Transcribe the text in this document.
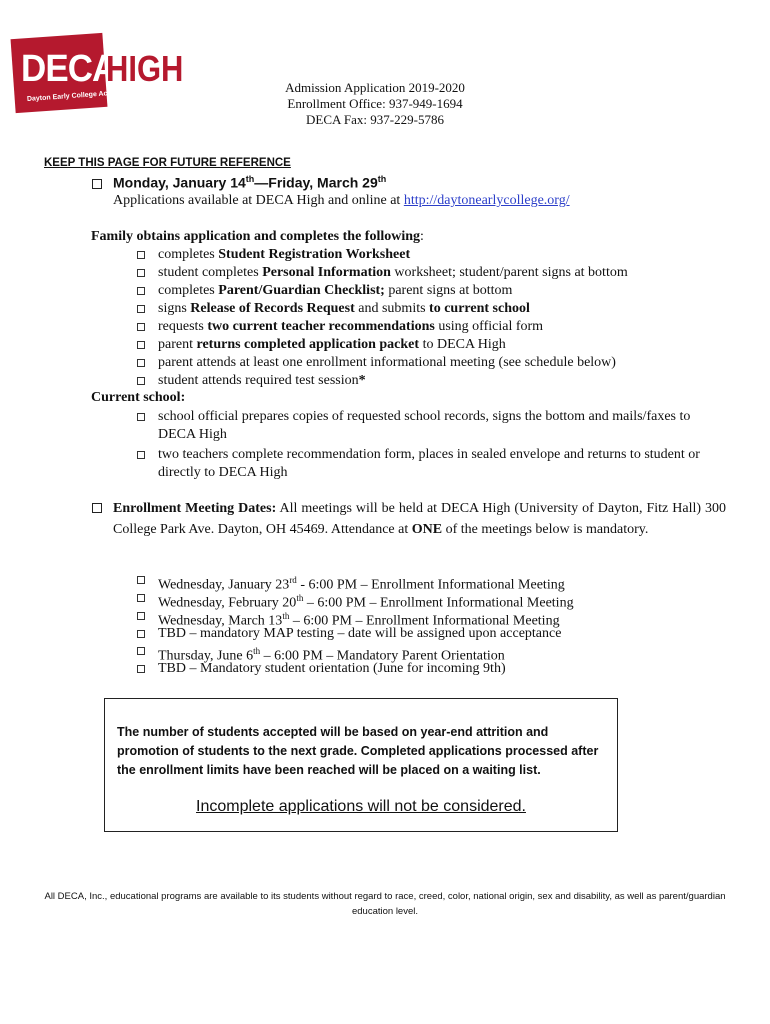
DECA
HIGH
Dayton Early College Academy
Admission Application 2019-2020
Enrollment Office: 937-949-1694
DECA Fax: 937-229-5786
KEEP THIS PAGE FOR FUTURE REFERENCE
Monday, January 14th—Friday, March 29th
Applications available at DECA High and online at http://daytonearlycollege.org/
Family obtains application and completes the following:
completes Student Registration Worksheet
student completes Personal Information worksheet; student/parent signs at bottom
completes Parent/Guardian Checklist; parent signs at bottom
signs Release of Records Request and submits to current school
requests two current teacher recommendations using official form
parent returns completed application packet to DECA High
parent attends at least one enrollment informational meeting (see schedule below)
student attends required test session*
Current school:
school official prepares copies of requested school records, signs the bottom and mails/faxes to DECA High
two teachers complete recommendation form, places in sealed envelope and returns to student or directly to DECA High
Enrollment Meeting Dates: All meetings will be held at DECA High (University of Dayton, Fitz Hall) 300 College Park Ave. Dayton, OH 45469. Attendance at ONE of the meetings below is mandatory.
Wednesday, January 23rd - 6:00 PM – Enrollment Informational Meeting
Wednesday, February 20th – 6:00 PM – Enrollment Informational Meeting
Wednesday, March 13th – 6:00 PM – Enrollment Informational Meeting
TBD – mandatory MAP testing – date will be assigned upon acceptance
Thursday, June 6th – 6:00 PM – Mandatory Parent Orientation
TBD – Mandatory student orientation (June for incoming 9th)
The number of students accepted will be based on year-end attrition and promotion of students to the next grade. Completed applications processed after the enrollment limits have been reached will be placed on a waiting list.
Incomplete applications will not be considered.
All DECA, Inc., educational programs are available to its students without regard to race, creed, color, national origin, sex and disability, as well as parent/guardian education level.
